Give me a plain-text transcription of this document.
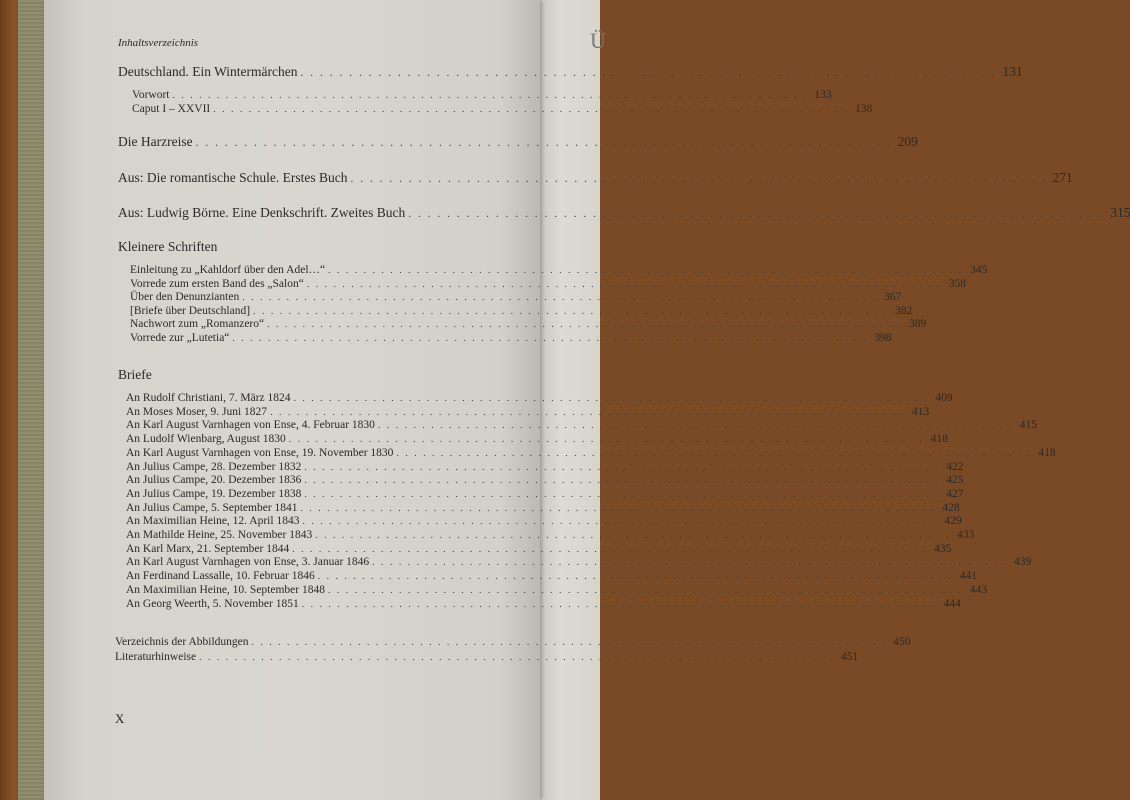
Ü
Inhaltsverzeichnis
Deutschland. Ein Wintermärchen . . . . . . . . . . . . . . . . . . . . . . . . . . . . . . . . . . . . . . . . . . . . . . . . . . . . . . . . . . . . . . . . . . . . . . . . 131
Vorwort . . . . . . . . . . . . . . . . . . . . . . . . . . . . . . . . . . . . . . . . . . . . . . . . . . . . . . . . . . . . . . . . . . . . . . . . 133
Caput I – XXVII . . . . . . . . . . . . . . . . . . . . . . . . . . . . . . . . . . . . . . . . . . . . . . . . . . . . . . . . . . . . . . . . . . . . . . . . 138
Die Harzreise . . . . . . . . . . . . . . . . . . . . . . . . . . . . . . . . . . . . . . . . . . . . . . . . . . . . . . . . . . . . . . . . . . . . . . . . 209
Aus: Die romantische Schule. Erstes Buch . . . . . . . . . . . . . . . . . . . . . . . . . . . . . . . . . . . . . . . . . . . . . . . . . . . . . . . . . . . . . . . . . . . . . . . . 271
Aus: Ludwig Börne. Eine Denkschrift. Zweites Buch . . . . . . . . . . . . . . . . . . . . . . . . . . . . . . . . . . . . . . . . . . . . . . . . . . . . . . . . . . . . . . . . . . . . . . . . 315
Kleinere Schriften
Einleitung zu „Kahldorf über den Adel…“ . . . . . . . . . . . . . . . . . . . . . . . . . . . . . . . . . . . . . . . . . . . . . . . . . . . . . . . . . . . . . . . . . . . . . . . . 345
Vorrede zum ersten Band des „Salon“ . . . . . . . . . . . . . . . . . . . . . . . . . . . . . . . . . . . . . . . . . . . . . . . . . . . . . . . . . . . . . . . . . . . . . . . . 358
Über den Denunzianten . . . . . . . . . . . . . . . . . . . . . . . . . . . . . . . . . . . . . . . . . . . . . . . . . . . . . . . . . . . . . . . . . . . . . . . . 367
[Briefe über Deutschland] . . . . . . . . . . . . . . . . . . . . . . . . . . . . . . . . . . . . . . . . . . . . . . . . . . . . . . . . . . . . . . . . . . . . . . . . 382
Nachwort zum „Romanzero“ . . . . . . . . . . . . . . . . . . . . . . . . . . . . . . . . . . . . . . . . . . . . . . . . . . . . . . . . . . . . . . . . . . . . . . . . 389
Vorrede zur „Lutetia“ . . . . . . . . . . . . . . . . . . . . . . . . . . . . . . . . . . . . . . . . . . . . . . . . . . . . . . . . . . . . . . . . . . . . . . . . 398
Briefe
An Rudolf Christiani, 7. März 1824 . . . . . . . . . . . . . . . . . . . . . . . . . . . . . . . . . . . . . . . . . . . . . . . . . . . . . . . . . . . . . . . . . . . . . . . . 409
An Moses Moser, 9. Juni 1827 . . . . . . . . . . . . . . . . . . . . . . . . . . . . . . . . . . . . . . . . . . . . . . . . . . . . . . . . . . . . . . . . . . . . . . . . 413
An Karl August Varnhagen von Ense, 4. Februar 1830 . . . . . . . . . . . . . . . . . . . . . . . . . . . . . . . . . . . . . . . . . . . . . . . . . . . . . . . . . . . . . . . . . . . . . . . . 415
An Ludolf Wienbarg, August 1830 . . . . . . . . . . . . . . . . . . . . . . . . . . . . . . . . . . . . . . . . . . . . . . . . . . . . . . . . . . . . . . . . . . . . . . . . 418
An Karl August Varnhagen von Ense, 19. November 1830 . . . . . . . . . . . . . . . . . . . . . . . . . . . . . . . . . . . . . . . . . . . . . . . . . . . . . . . . . . . . . . . . . . . . . . . . 418
An Julius Campe, 28. Dezember 1832 . . . . . . . . . . . . . . . . . . . . . . . . . . . . . . . . . . . . . . . . . . . . . . . . . . . . . . . . . . . . . . . . . . . . . . . . 422
An Julius Campe, 20. Dezember 1836 . . . . . . . . . . . . . . . . . . . . . . . . . . . . . . . . . . . . . . . . . . . . . . . . . . . . . . . . . . . . . . . . . . . . . . . . 425
An Julius Campe, 19. Dezember 1838 . . . . . . . . . . . . . . . . . . . . . . . . . . . . . . . . . . . . . . . . . . . . . . . . . . . . . . . . . . . . . . . . . . . . . . . . 427
An Julius Campe, 5. September 1841 . . . . . . . . . . . . . . . . . . . . . . . . . . . . . . . . . . . . . . . . . . . . . . . . . . . . . . . . . . . . . . . . . . . . . . . . 428
An Maximilian Heine, 12. April 1843 . . . . . . . . . . . . . . . . . . . . . . . . . . . . . . . . . . . . . . . . . . . . . . . . . . . . . . . . . . . . . . . . . . . . . . . . 429
An Mathilde Heine, 25. November 1843 . . . . . . . . . . . . . . . . . . . . . . . . . . . . . . . . . . . . . . . . . . . . . . . . . . . . . . . . . . . . . . . . . . . . . . . . 433
An Karl Marx, 21. September 1844 . . . . . . . . . . . . . . . . . . . . . . . . . . . . . . . . . . . . . . . . . . . . . . . . . . . . . . . . . . . . . . . . . . . . . . . . 435
An Karl August Varnhagen von Ense, 3. Januar 1846 . . . . . . . . . . . . . . . . . . . . . . . . . . . . . . . . . . . . . . . . . . . . . . . . . . . . . . . . . . . . . . . . . . . . . . . . 439
An Ferdinand Lassalle, 10. Februar 1846 . . . . . . . . . . . . . . . . . . . . . . . . . . . . . . . . . . . . . . . . . . . . . . . . . . . . . . . . . . . . . . . . . . . . . . . . 441
An Maximilian Heine, 10. September 1848 . . . . . . . . . . . . . . . . . . . . . . . . . . . . . . . . . . . . . . . . . . . . . . . . . . . . . . . . . . . . . . . . . . . . . . . . 443
An Georg Weerth, 5. November 1851 . . . . . . . . . . . . . . . . . . . . . . . . . . . . . . . . . . . . . . . . . . . . . . . . . . . . . . . . . . . . . . . . . . . . . . . . 444
Verzeichnis der Abbildungen . . . . . . . . . . . . . . . . . . . . . . . . . . . . . . . . . . . . . . . . . . . . . . . . . . . . . . . . . . . . . . . . . . . . . . . . 450
Literaturhinweise . . . . . . . . . . . . . . . . . . . . . . . . . . . . . . . . . . . . . . . . . . . . . . . . . . . . . . . . . . . . . . . . . . . . . . . . 451
X
